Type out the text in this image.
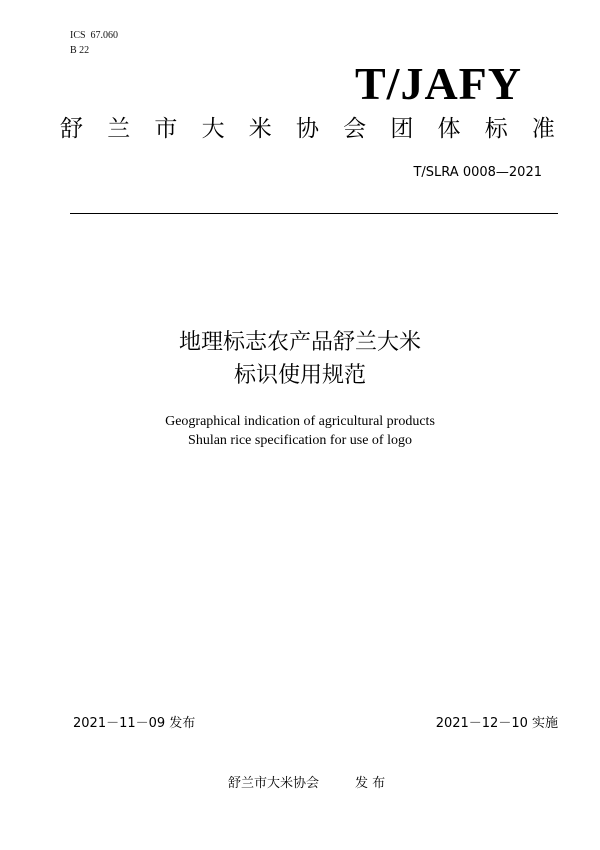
ICS  67.060
B 22
T/JAFY
舒 兰 市 大 米 协 会 团 体 标 准
T/SLRA 0008—2021
地理标志农产品舒兰大米
标识使用规范
Geographical indication of agricultural products
Shulan rice specification for use of logo
2021－11－09 发布	2021－12－10 实施
舒兰市大米协会	发 布
